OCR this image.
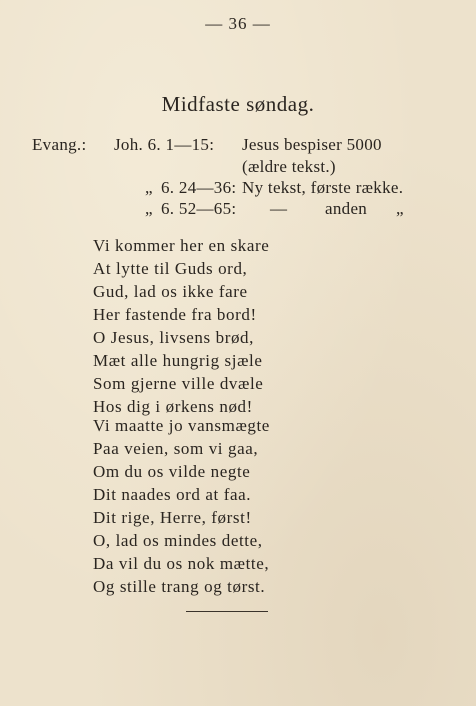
— 36 —
Midfaste søndag.
Evang.: Joh. 6. 1—15: Jesus bespiser 5000
(ældre tekst.)
„ 6. 24—36: Ny tekst, første række.
„ 6. 52—65: — anden „
Vi kommer her en skare
At lytte til Guds ord,
Gud, lad os ikke fare
Her fastende fra bord!
O Jesus, livsens brød,
Mæt alle hungrig sjæle
Som gjerne ville dvæle
Hos dig i ørkens nød!
Vi maatte jo vansmægte
Paa veien, som vi gaa,
Om du os vilde negte
Dit naades ord at faa.
Dit rige, Herre, først!
O, lad os mindes dette,
Da vil du os nok mætte,
Og stille trang og tørst.
